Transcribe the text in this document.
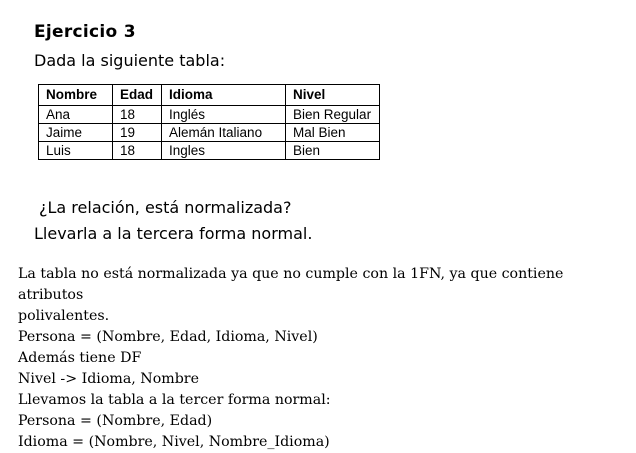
Ejercicio 3
Dada la siguiente tabla:
Nombre	Edad	Idioma	Nivel
Ana	18	Inglés	Bien Regular
Jaime	19	Alemán Italiano	Mal Bien
Luis	18	Ingles	Bien
¿La relación, está normalizada?
Llevarla a la tercera forma normal.

La tabla no está normalizada ya que no cumple con la 1FN, ya que contiene atributos

polivalentes.

Persona = (Nombre, Edad, Idioma, Nivel)

Además tiene DF

Nivel -> Idioma, Nombre

Llevamos la tabla a la tercer forma normal:

Persona = (Nombre, Edad)

Idioma = (Nombre, Nivel, Nombre_Idioma)
